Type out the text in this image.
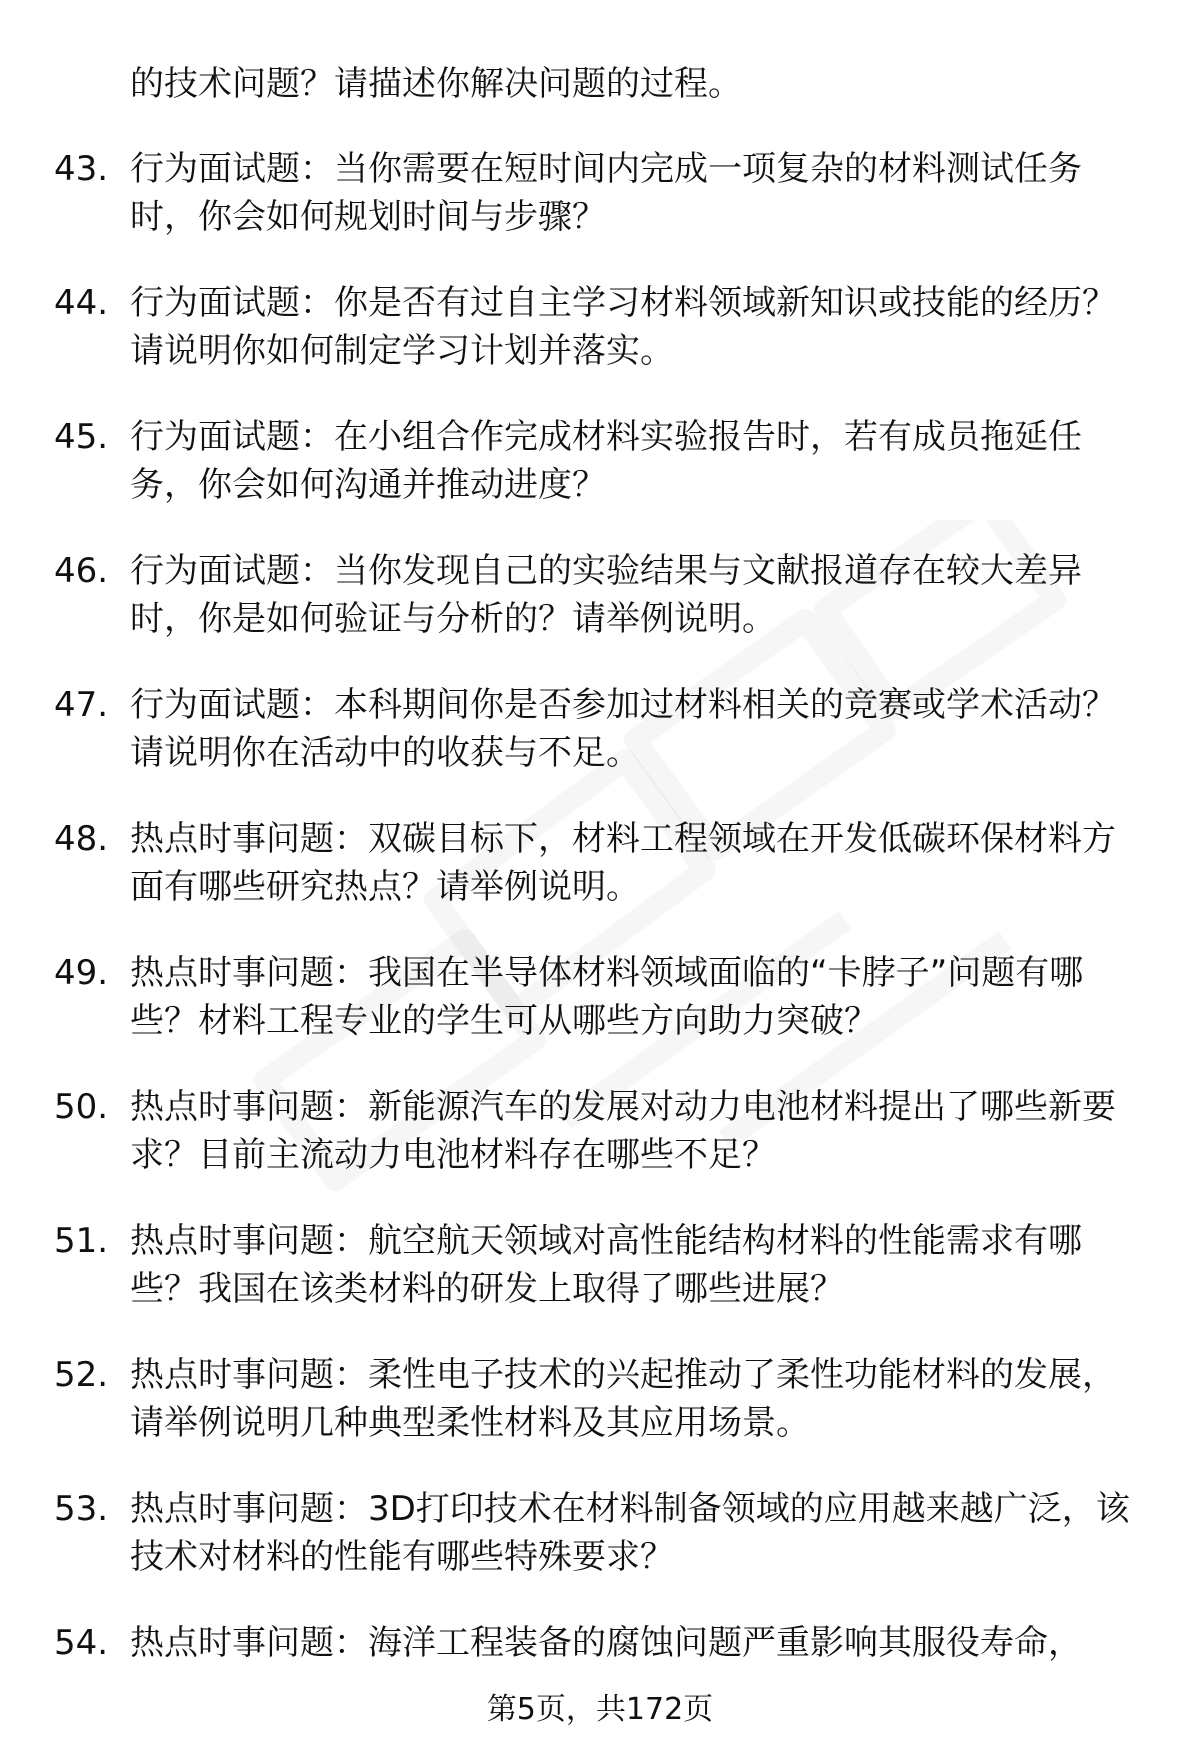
的技术问题？请描述你解决问题的过程。
43. 行为面试题：当你需要在短时间内完成一项复杂的材料测试任务时，你会如何规划时间与步骤？
44. 行为面试题：你是否有过自主学习材料领域新知识或技能的经历？请说明你如何制定学习计划并落实。
45. 行为面试题：在小组合作完成材料实验报告时，若有成员拖延任务，你会如何沟通并推动进度？
46. 行为面试题：当你发现自己的实验结果与文献报道存在较大差异时，你是如何验证与分析的？请举例说明。
47. 行为面试题：本科期间你是否参加过材料相关的竞赛或学术活动？请说明你在活动中的收获与不足。
48. 热点时事问题：双碳目标下，材料工程领域在开发低碳环保材料方面有哪些研究热点？请举例说明。
49. 热点时事问题：我国在半导体材料领域面临的“卡脖子”问题有哪些？材料工程专业的学生可从哪些方向助力突破？
50. 热点时事问题：新能源汽车的发展对动力电池材料提出了哪些新要求？目前主流动力电池材料存在哪些不足？
51. 热点时事问题：航空航天领域对高性能结构材料的性能需求有哪些？我国在该类材料的研发上取得了哪些进展？
52. 热点时事问题：柔性电子技术的兴起推动了柔性功能材料的发展，请举例说明几种典型柔性材料及其应用场景。
53. 热点时事问题：3D打印技术在材料制备领域的应用越来越广泛，该技术对材料的性能有哪些特殊要求？
54. 热点时事问题：海洋工程装备的腐蚀问题严重影响其服役寿命，
第5页，共172页
